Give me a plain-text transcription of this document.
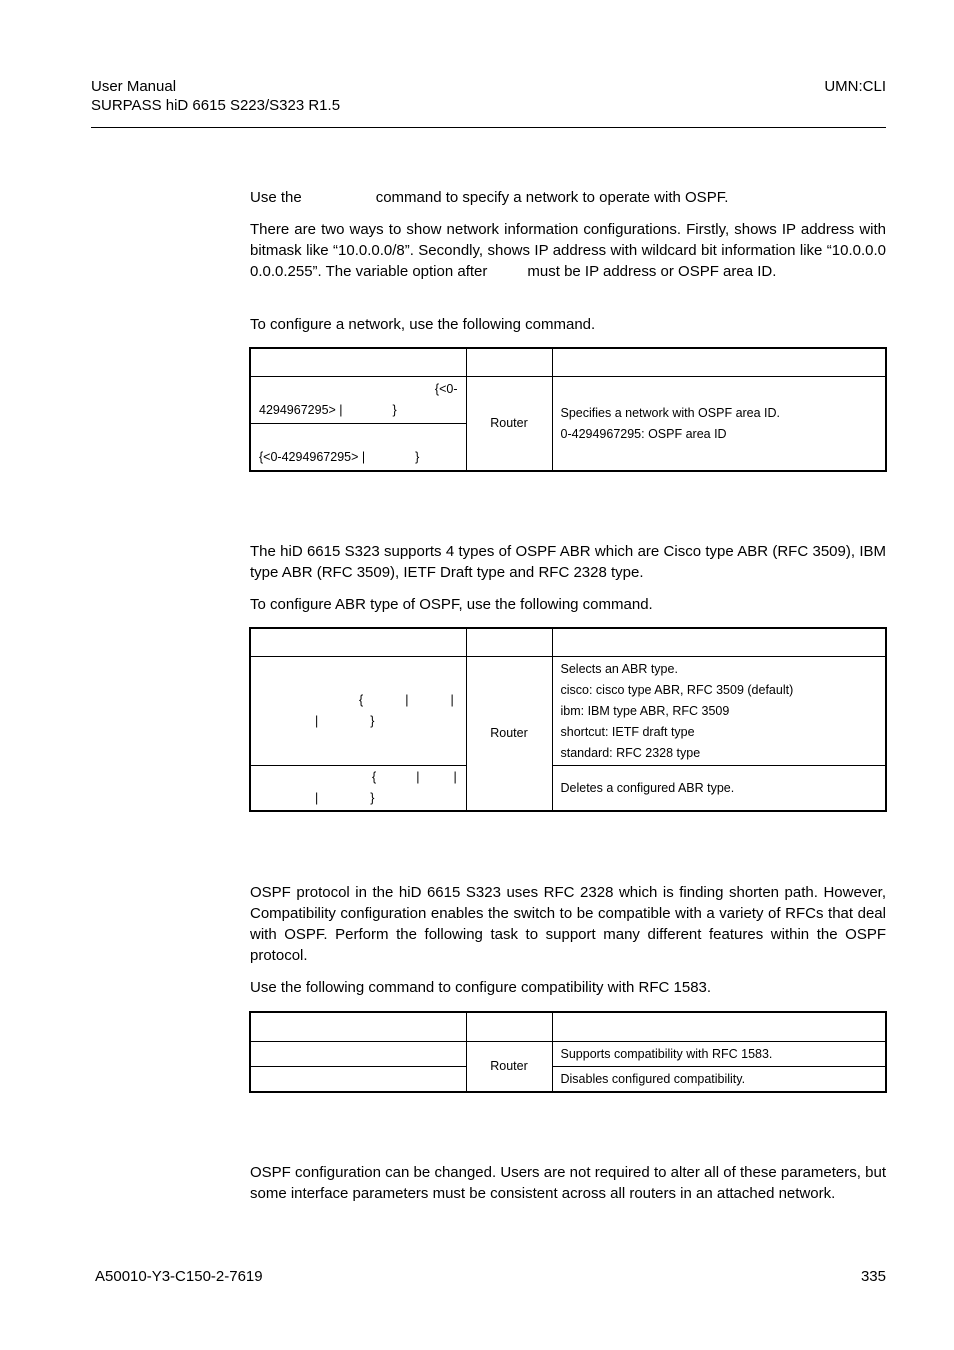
User Manual
SURPASS hiD 6615 S223/S323 R1.5
UMN:CLI

Use the	command to specify a network to operate with OSPF.

There are two ways to show network information configurations. Firstly, shows IP address with bitmask like “10.0.0.0/8”. Secondly, shows IP address with wildcard bit information like “10.0.0.0 0.0.0.255”. The variable option after	must be IP address or OSPF area ID.

To configure a network, use the following command.

{<0-
4294967295> | }	Router	Specifies a network with OSPF area ID.
0-4294967295: OSPF area ID

{<0-4294967295> | }		

The hiD 6615 S323 supports 4 types of OSPF ABR which are Cisco type ABR (RFC 3509), IBM type ABR (RFC 3509), IETF Draft type and RFC 2328 type.

To configure ABR type of OSPF, use the following command.

{ | |
| }	Router	Selects an ABR type.
cisco: cisco type ABR, RFC 3509 (default)
ibm: IBM type ABR, RFC 3509
shortcut: IETF draft type
standard: RFC 2328 type

{ | |
| }		Deletes a configured ABR type.

OSPF protocol in the hiD 6615 S323 uses RFC 2328 which is finding shorten path. However, Compatibility configuration enables the switch to be compatible with a variety of RFCs that deal with OSPF. Perform the following task to support many different features within the OSPF protocol.

Use the following command to configure compatibility with RFC 1583.

	Router	Supports compatibility with RFC 1583.
		Disables configured compatibility.

OSPF configuration can be changed. Users are not required to alter all of these parameters, but some interface parameters must be consistent across all routers in an attached network.

A50010-Y3-C150-2-7619	335
